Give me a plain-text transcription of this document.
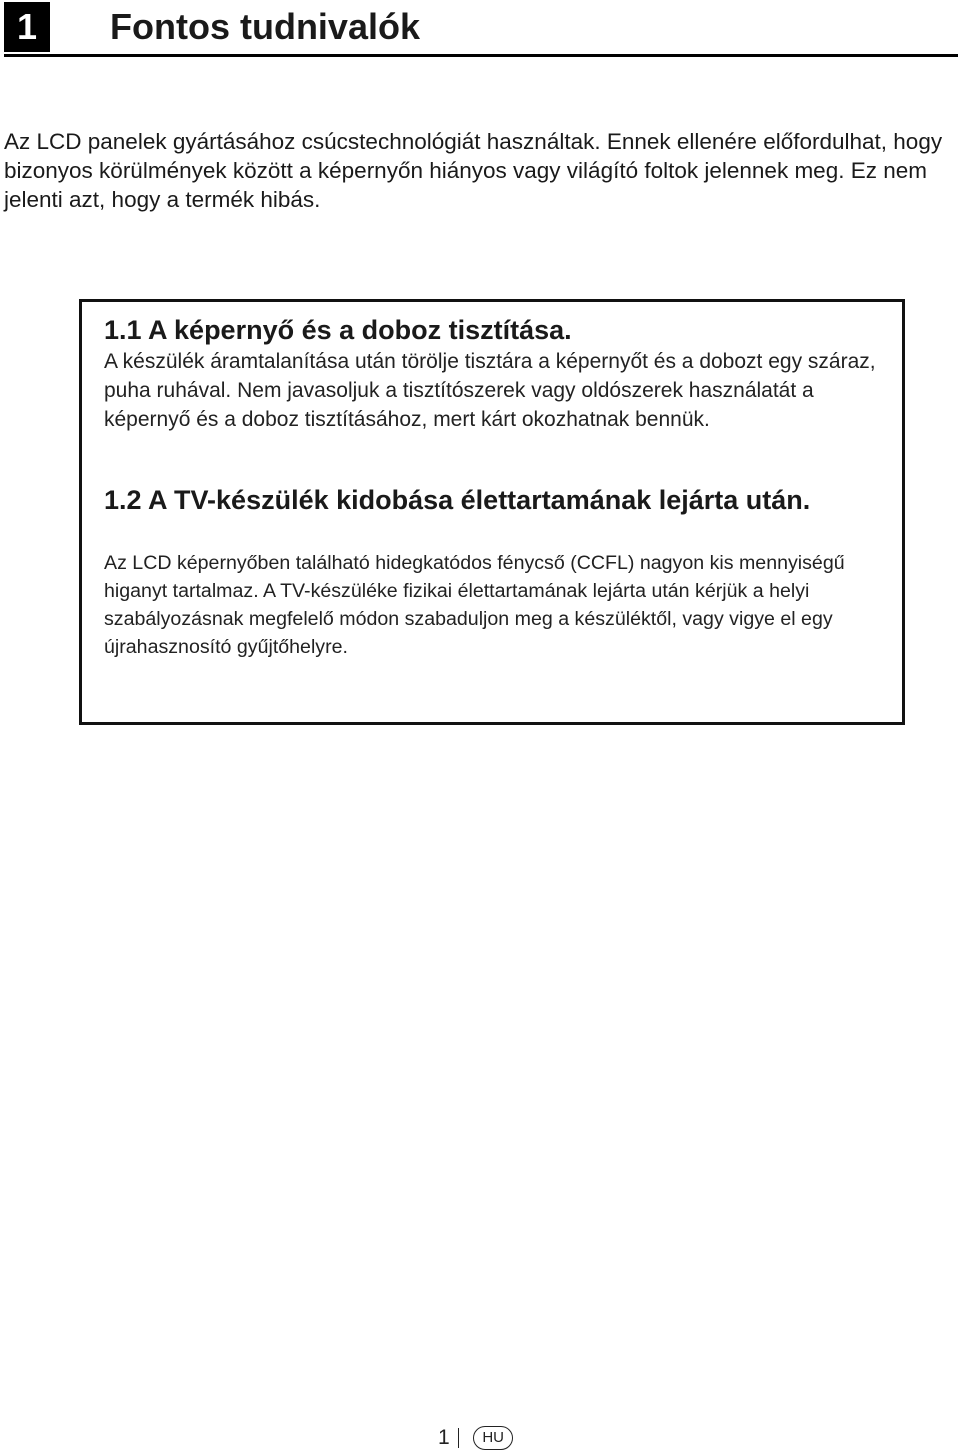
1	Fontos tudnivalók

Az LCD panelek gyártásához csúcstechnológiát használtak. Ennek ellenére előfordulhat, hogy bizonyos körülmények között a képernyőn hiányos vagy világító foltok jelennek meg. Ez nem jelenti azt, hogy a termék hibás.

1.1 A képernyő és a doboz tisztítása.

A készülék áramtalanítása után törölje tisztára a képernyőt és a dobozt egy száraz, puha ruhával. Nem javasoljuk a tisztítószerek vagy oldószerek használatát a képernyő és a doboz tisztításához, mert kárt okozhatnak bennük.

1.2 A TV-készülék kidobása élettartamának lejárta után.

Az LCD képernyőben található hidegkatódos fénycső (CCFL) nagyon kis mennyiségű higanyt tartalmaz. A TV-készüléke fizikai élettartamának lejárta után kérjük a helyi szabályozásnak megfelelő módon szabaduljon meg a készüléktől, vagy vigye el egy újrahasznosító gyűjtőhelyre.

1	HU
